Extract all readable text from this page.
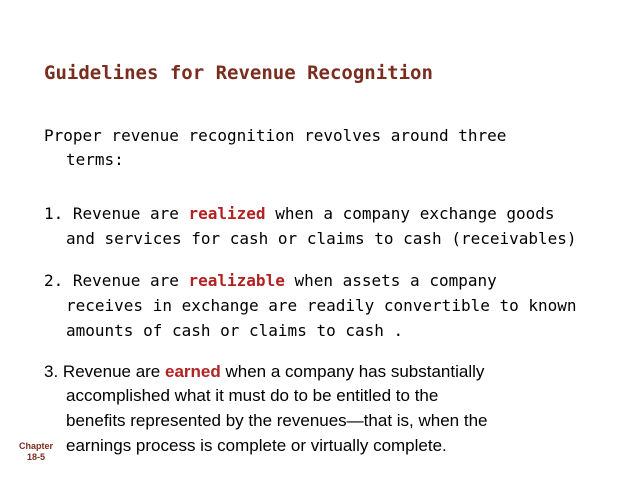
Guidelines for Revenue Recognition
Proper revenue recognition revolves around three
terms:
1. Revenue are realized when a company exchange goods
and services for cash or claims to cash (receivables)
2. Revenue are realizable when assets a company
receives in exchange are readily convertible to known
amounts of cash or claims to cash .
3. Revenue are earned when a company has substantially
accomplished what it must do to be entitled to the
benefits represented by the revenues—that is, when the
earnings process is complete or virtually complete.
Chapter
18-5
